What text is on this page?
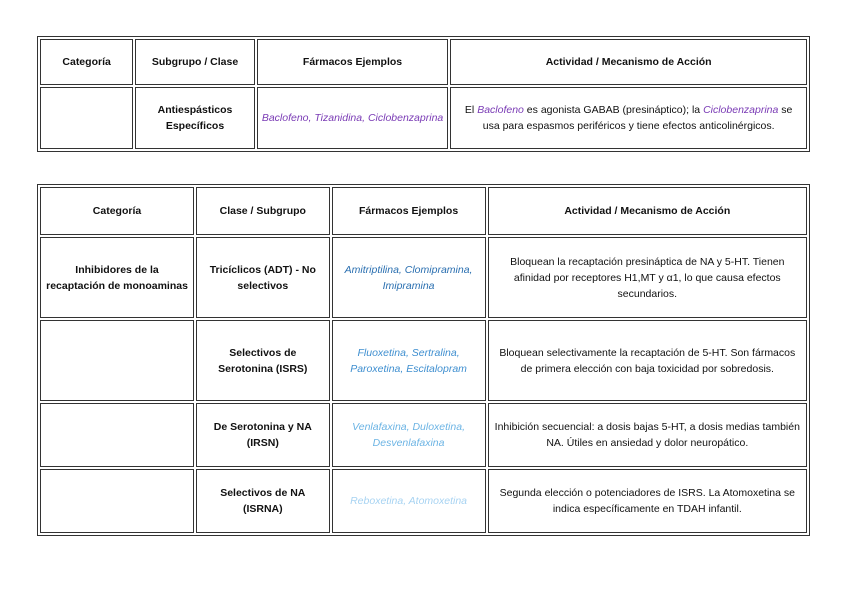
Categoría	Subgrupo / Clase	Fármacos Ejemplos	Actividad / Mecanismo de Acción
	Antiespásticos Específicos	Baclofeno, Tizanidina, Ciclobenzaprina	El Baclofeno es agonista GABAB (presináptico); la Ciclobenzaprina se usa para espasmos periféricos y tiene efectos anticolinérgicos.
Categoría	Clase / Subgrupo	Fármacos Ejemplos	Actividad / Mecanismo de Acción
Inhibidores de la recaptación de monoaminas	Tricíclicos (ADT) - No selectivos	Amitriptilina, Clomipramina, Imipramina	Bloquean la recaptación presináptica de NA y 5-HT. Tienen afinidad por receptores H1,MT y α1, lo que causa efectos secundarios.
	Selectivos de Serotonina (ISRS)	Fluoxetina, Sertralina, Paroxetina, Escitalopram	Bloquean selectivamente la recaptación de 5-HT. Son fármacos de primera elección con baja toxicidad por sobredosis.
	De Serotonina y NA (IRSN)	Venlafaxina, Duloxetina, Desvenlafaxina	Inhibición secuencial: a dosis bajas 5-HT, a dosis medias también NA. Útiles en ansiedad y dolor neuropático.
	Selectivos de NA (ISRNA)	Reboxetina, Atomoxetina	Segunda elección o potenciadores de ISRS. La Atomoxetina se indica específicamente en TDAH infantil.
